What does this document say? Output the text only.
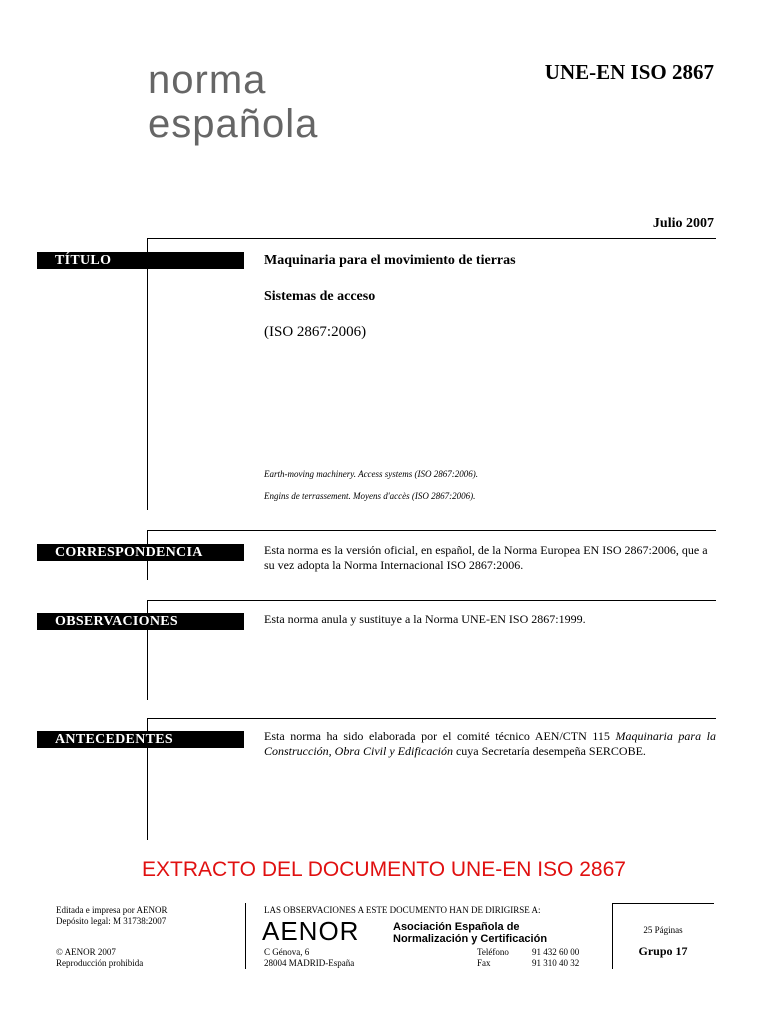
norma
española
UNE-EN ISO 2867
Julio 2007
TÍTULO	Maquinaria para el movimiento de tierras
Sistemas de acceso
(ISO 2867:2006)
Earth-moving machinery. Access systems (ISO 2867:2006).
Engins de terrassement. Moyens d'accès (ISO 2867:2006).
CORRESPONDENCIA	Esta norma es la versión oficial, en español, de la Norma Europea EN ISO 2867:2006, que a su vez adopta la Norma Internacional ISO 2867:2006.
OBSERVACIONES	Esta norma anula y sustituye a la Norma UNE-EN ISO 2867:1999.
ANTECEDENTES	Esta norma ha sido elaborada por el comité técnico AEN/CTN 115 Maquinaria para la Construcción, Obra Civil y Edificación cuya Secretaría desempeña SERCOBE.
EXTRACTO DEL DOCUMENTO UNE-EN ISO 2867
Editada e impresa por AENOR
Depósito legal: M 31738:2007
© AENOR 2007
Reproducción prohibida
LAS OBSERVACIONES A ESTE DOCUMENTO HAN DE DIRIGIRSE A:
AENOR	Asociación Española de
Normalización y Certificación
C Génova, 6
28004 MADRID-España
Teléfono	91 432 60 00
Fax	91 310 40 32
25 Páginas
Grupo 17
